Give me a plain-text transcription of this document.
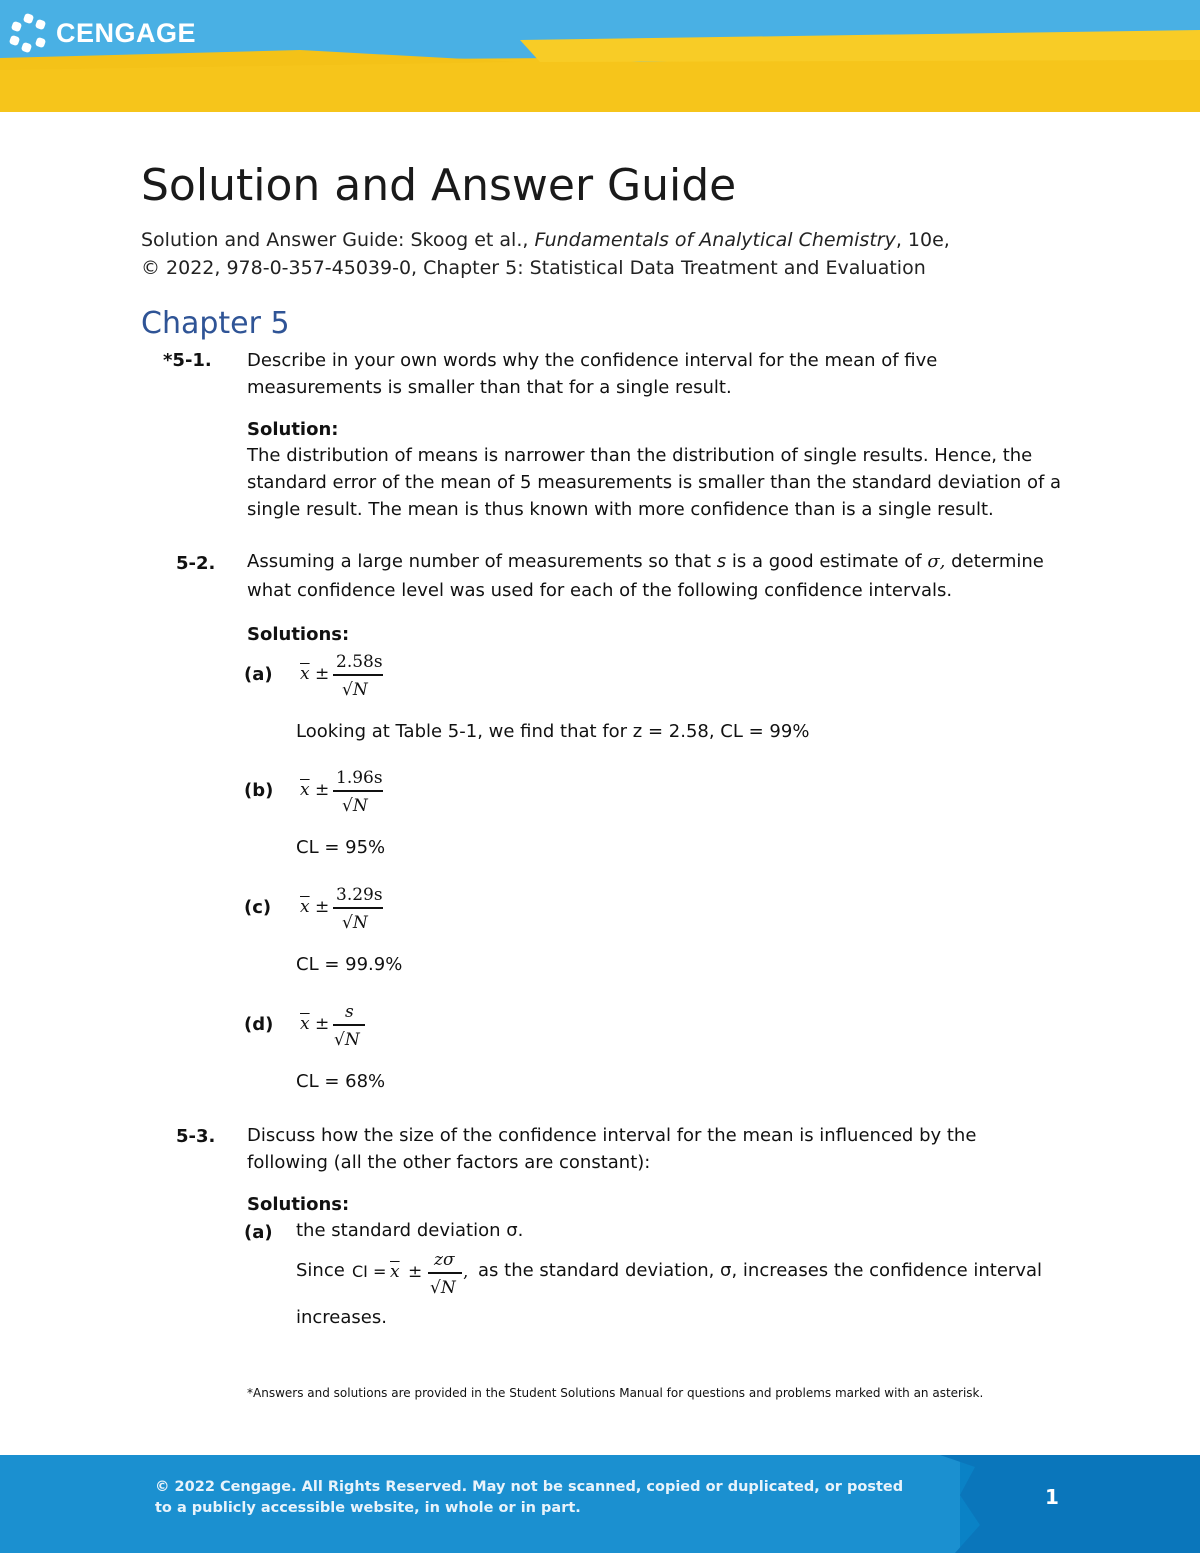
CENGAGE
Solution and Answer Guide
Solution and Answer Guide: Skoog et al., Fundamentals of Analytical Chemistry, 10e,
© 2022, 978-0-357-45039-0, Chapter 5: Statistical Data Treatment and Evaluation
Chapter 5
*5-1. Describe in your own words why the confidence interval for the mean of five measurements is smaller than that for a single result.
Solution:
The distribution of means is narrower than the distribution of single results. Hence, the standard error of the mean of 5 measurements is smaller than the standard deviation of a single result. The mean is thus known with more confidence than is a single result.
5-2. Assuming a large number of measurements so that s is a good estimate of σ, determine
what confidence level was used for each of the following confidence intervals.
Solutions:
(a) $\overline{x}$ ±
2.58s
√N
Looking at Table 5-1, we find that for z = 2.58, CL = 99%
(b) $\overline{x}$ ±
1.96s
√N
CL = 95%
(c) $\overline{x}$ ±
3.29s
√N
CL = 99.9%
(d) $\overline{x}$ ±
s
√N
CL = 68%
5-3. Discuss how the size of the confidence interval for the mean is influenced by the following (all the other factors are constant):
Solutions:
(a) the standard deviation σ.
Since CI = $\overline{x}$ ±
zσ
√N
, as the standard deviation, σ, increases the confidence interval
increases.
*Answers and solutions are provided in the Student Solutions Manual for questions and problems marked with an asterisk.
© 2022 Cengage. All Rights Reserved. May not be scanned, copied or duplicated, or posted to a publicly accessible website, in whole or in part.	1
